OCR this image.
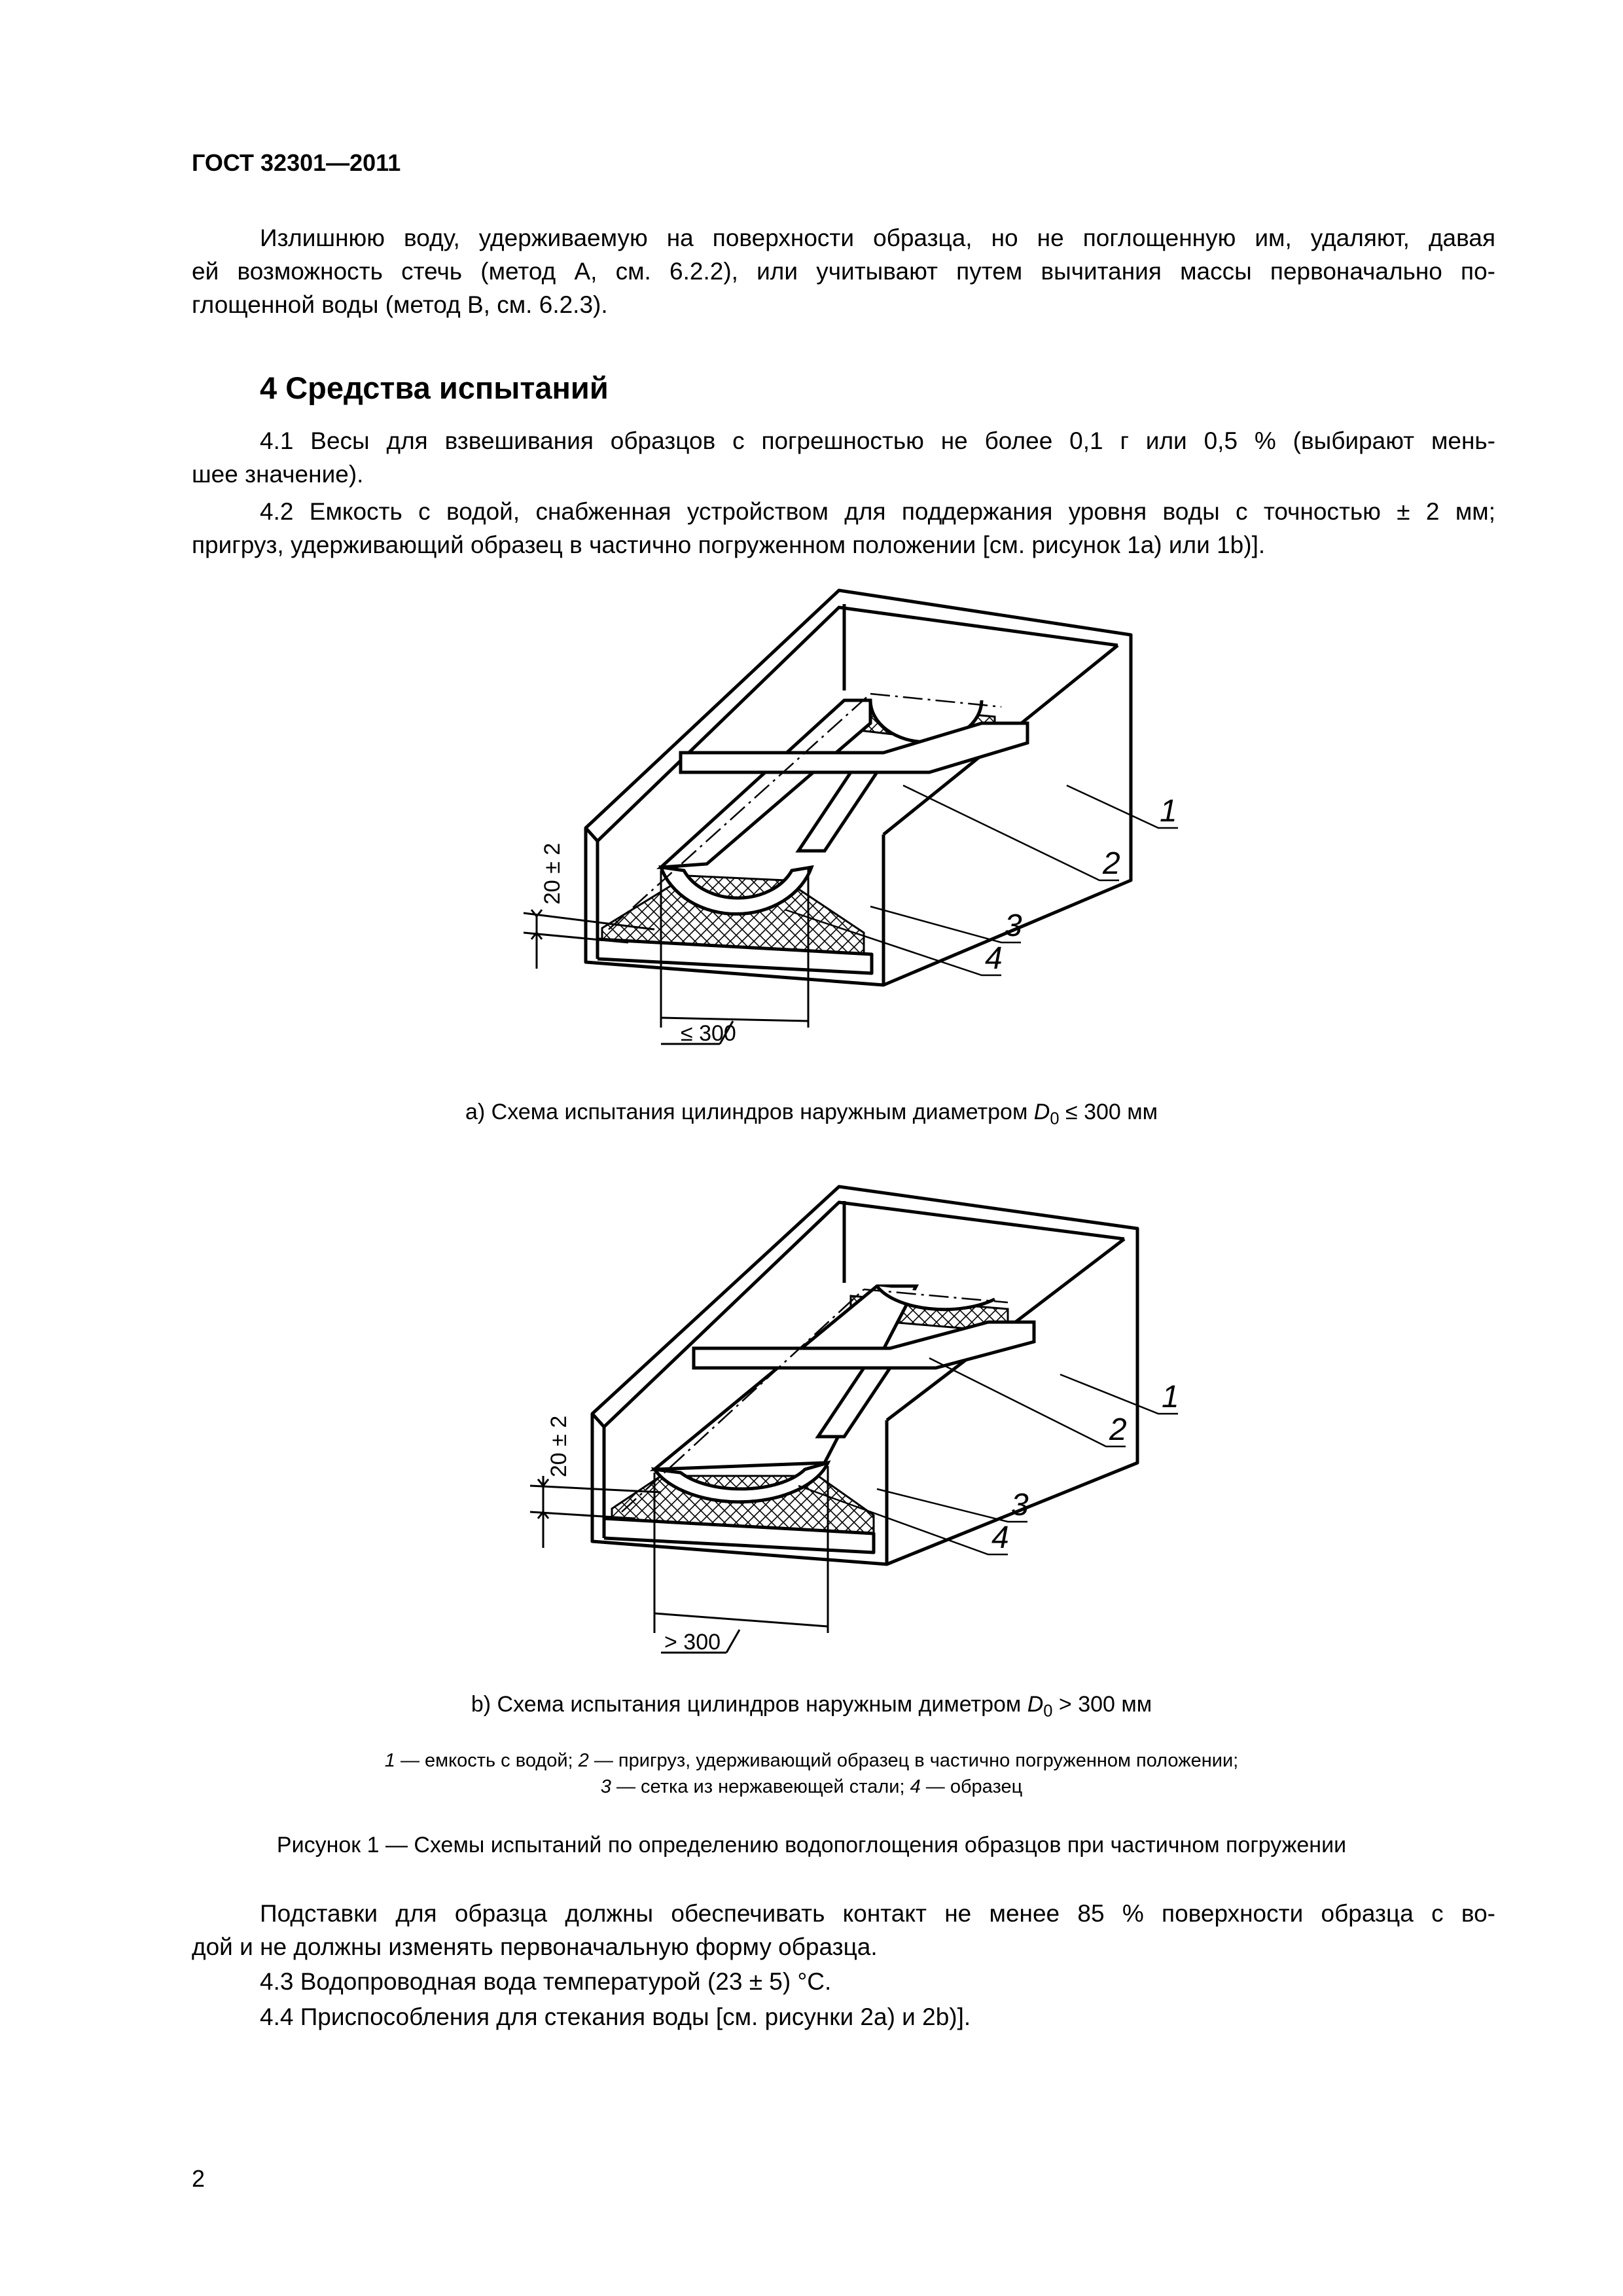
ГОСТ 32301—2011
Излишнюю воду, удерживаемую на поверхности образца, но не поглощенную им, удаляют, давая
ей возможность стечь (метод А, см. 6.2.2), или учитывают путем вычитания массы первоначально по-
глощенной воды (метод В, см. 6.2.3).
4 Средства испытаний
4.1 Весы для взвешивания образцов с погрешностью не более 0,1 г или 0,5 % (выбирают мень-
шее значение).
4.2 Емкость с водой, снабженная устройством для поддержания уровня воды с точностью ± 2 мм;
пригруз, удерживающий образец в частично погруженном положении [см. рисунок 1а) или 1b)].
20 ± 2
≤ 300
1
2
3
4
а) Схема испытания цилиндров наружным диаметром $D_0 \le 300$ мм
20 ± 2
> 300
1
2
3
4
b) Схема испытания цилиндров наружным диметром $D_0 > 300$ мм
1 — емкость с водой; 2 — пригруз, удерживающий образец в частично погруженном положении;
3 — сетка из нержавеющей стали; 4 — образец
Рисунок 1 — Схемы испытаний по определению водопоглощения образцов при частичном погружении
Подставки для образца должны обеспечивать контакт не менее 85 % поверхности образца с во-
дой и не должны изменять первоначальную форму образца.
4.3 Водопроводная вода температурой (23 ± 5) °С.
4.4 Приспособления для стекания воды [см. рисунки 2а) и 2b)].
2
